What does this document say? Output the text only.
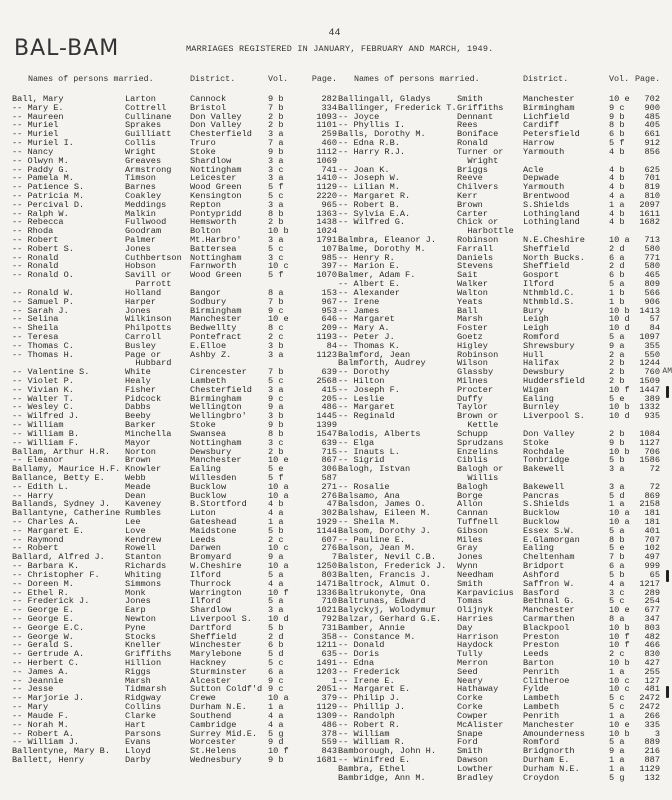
44
BAL-BAM	MARRIAGES REGISTERED IN JANUARY, FEBRUARY AND MARCH, 1949.
Names of persons married.	District.	Vol.	Page.
Ball, Mary	Larton	Cannock	9 b	282
-- Mary E.	Cottrell	Bristol	7 b	334
-- Maureen	Cullinane	Don Valley	2 b	1093
-- Muriel	Sprakes	Don Valley	2 b	1101
-- Muriel	Guilliatt	Chesterfield	3 a	259
-- Muriel I.	Collis	Truro	7 a	460
-- Nancy	Wright	Stoke	9 b	1112
-- Olwyn M.	Greaves	Shardlow	3 a	1069
-- Paddy G.	Armstrong	Nottingham	3 c	741
-- Pamela M.	Timson	Leicester	3 a	1410
-- Patience S.	Barnes	Wood Green	5 f	1129
-- Patricia M.	Coakley	Kensington	5 c	2220
-- Percival D.	Meddings	Repton	3 a	965
-- Ralph W.	Malkin	Pontypridd	8 b	1363
-- Rebecca	Fullwood	Hemsworth	2 b	1438
-- Rhoda	Goodram	Bolton	10 b	1024
-- Robert	Palmer	Mt.Harbro'	3 a	1791
-- Robert S.	Jones	Battersea	5 c	107
-- Ronald	Cuthbertson Nottingham	3 c	985
-- Ronald	Hobson	Farnworth	10 c	397
-- Ronald O.	Savill or	Wood Green	5 f	1070
Parrott
-- Ronald W.	Holland	Bangor	8 a	153
-- Samuel P.	Harper	Sodbury	7 b	967
-- Sarah J.	Jones	Birmingham	9 c	953
-- Selina	Wilkinson	Manchester	10 e	646
-- Sheila	Philpotts	Bedwellty	8 c	209
-- Teresa	Carroll	Pontefract	2 c	1193
-- Thomas C.	Busley	E.Elloe	3 b	84
-- Thomas H.	Page or	Ashby Z.	3 a	1123
Hubbard
-- Valentine S.	White	Cirencester	7 b	639
-- Violet P.	Healy	Lambeth	5 c	2568
-- Vivian K.	Fisher	Chesterfield	3 a	415
-- Walter T.	Pidcock	Birmingham	9 c	205
-- Wesley C.	Dabbs	Wellington	9 a	486
-- Wilfred J.	Beeby	Wellingbro'	3 b	1445
-- William	Barker	Stoke	9 b	1399
-- William B.	Minchella	Swansea	8 b	1547
-- William F.	Mayor	Nottingham	3 c	639
Ballam, Arthur H.R.	Norton	Dewsbury	2 b	715
-- Eleanor	Brown	Manchester	10 e	867
Ballamy, Maurice H.F. Knowler	Ealing	5 e	306
Ballance, Betty E.	Webb	Willesden	5 f	587
-- Edith L.	Meade	Bucklow	10 a	271
-- Harry	Dean	Bucklow	10 a	276
Ballands, Sydney J.	Kaveney	B.Stortford	4 b	47
Ballantyne, Catherine Rumbles	Luton	4 a	302
-- Charles A.	Lee	Gateshead	1 a	1929
-- Margaret E.	Love	Maidstone	5 b	1144
-- Raymond	Kendrew	Leeds	2 c	607
-- Robert	Rowell	Darwen	10 c	276
Ballard, Alfred J.	Stanton	Bromyard	9 a	7
-- Barbara K.	Richards	W.Cheshire	10 a	1250
-- Christopher F.	Whiting	Ilford	5 a	803
-- Doreen M.	Simmons	Thurrock	4 a	1471
-- Ethel R.	Monk	Warrington	10 f	1336
-- Frederick J.	Jones	Ilford	5 a	710
-- George E.	Earp	Shardlow	3 a	1021
-- George E.	Newton	Liverpool S.	10 d	792
-- George E.C.	Pyne	Dartford	5 b	731
-- George W.	Stocks	Sheffield	2 d	358
-- Gerald S.	Kneller	Winchester	6 b	1211
-- Gertrude A.	Griffiths	Marylebone	5 d	635
-- Herbert C.	Hillion	Hackney	5 c	1491
-- James A.	Riggs	Sturminster	6 a	1203
-- Jeannie	Marsh	Alcester	9 c	1
-- Jesse	Tidmarsh	Sutton Coldf'd 9 c	2051
-- Marjorie J.	Ridgway	Crewe	10 a	379
-- Mary	Collins	Durham N.E.	1 a	1129
-- Maude F.	Clarke	Southend	4 a	1309
-- Norah M.	Hart	Cambridge	4 a	486
-- Robert A.	Parsons	Surrey Mid.E.	5 g	378
-- William J.	Evans	Worcester	9 d	559
Ballentyne, Mary B.	Lloyd	St.Helens	10 f	843
Ballett, Henry	Darby	Wednesbury	9 b	1681
Names of persons married.	District.	Vol. Page.
Ballingall, Gladys	Smith	Manchester	10 e	702
Ballinger, Frederick T. Griffiths	Birmingham	9 c	900
-- Joyce	Dennant	Lichfield	9 b	485
-- Phyllis I.	Rees	Cardiff	8 b	405
Balls, Dorothy M.	Boniface	Petersfield	6 b	661
-- Edna R.B.	Ronald	Harrow	5 f	912
-- Harry R.J.	Turner or	Yarmouth	4 b	856
Wright
-- Joan K.	Briggs	Acle	4 b	625
-- Joseph W.	Reeve	Depwade	4 b	701
-- Lilian M.	Chilvers	Yarmouth	4 b	819
-- Margaret R.	Kerr	Brentwood	4 a	810
-- Robert B.	Brown	S.Shields	1 a	2097
-- Sylvia E.A.	Carter	Lothingland	4 b	1611
-- Wilfred G.	Chick or	Lothingland	4 b	1682
Harbottle
Balmbra, Eleanor J.	Robinson	N.E.Cheshire	10 a	713
Balme, Dorothy M.	Farrall	Sheffield	2 d	580
-- Henry R.	Daniels	North Bucks.	6 a	771
-- Marion E.	Stevens	Sheffield	2 d	580
Balmer, Adam F.	Sait	Gosport	6 b	465
-- Albert E.	Walker	Ilford	5 a	809
-- Alexander	Walton	Nthmbld.C.	1 b	566
-- Irene	Yeats	Nthmbld.S.	1 b	906
-- James	Ball	Bury	10 b	1413
-- Margaret	Marsh	Leigh	10 d	57
-- Mary A.	Foster	Leigh	10 d	84
-- Peter J.	Goetz	Romford	5 a	1097
-- Thomas K.	Higley	Shrewsbury	9 a	355
Balmford, Jean	Robinson	Hull	2 a	550
Balmforth, Audrey	Wilson	Halifax	2 b	1244
-- Dorothy	Glassby	Dewsbury	2 b	760 AM
-- Hilton	Milnes	Huddersfield	2 b	1509
-- Joseph F.	Procter	Wigan	10 f	1447
-- Leslie	Duffy	Ealing	5 e	389
-- Margaret	Taylor	Burnley	10 b	1332
-- Reginald	Brown or	Liverpool S.	10 d	935
Kettle
Balodis, Alberts	Schupp	Don Valley	2 b	1084
-- Elga	Sprudzans	Stoke	9 b	1127
-- Inauts L.	Enzelins	Rochdale	10 b	706
-- Sigrid	Ciblis	Tonbridge	5 b	1586
Balogh, Istvan	Balogh or	Bakewell	3 a	72
Willis
-- Rosalie	Balogh	Bakewell	3 a	72
Balsamo, Ana	Borge	Pancras	5 d	869
Balsdon, James O.	Allon	S.Shields	1 a	2158
Balshaw, Eileen M.	Cannan	Bucklow	10 a	181
-- Sheila M.	Tuffnell	Bucklow	10 a	181
Balsom, Dorothy J.	Gibson	Essex S.W.	5 a	401
-- Pauline E.	Miles	E.Glamorgan	8 b	707
Balson, Jean M.	Gray	Ealing	5 e	102
Balster, Nevil C.B.	Jones	Cheltenham	7 b	497
Balston, Frederick J.	Wynn	Bridport	6 a	999
Balten, Francis J.	Needham	Ashford	5 b	65
Baltrock, Almut O.	Smith	Saffron W.	4 a	1217
Baltrukonyte, Ona	Karpavicius	Basford	3 c	289
Baltrunas, Edward	Tomas	Bethnal G.	5 c	254
Balyckyj, Wolodymur	Olijnyk	Manchester	10 e	677
Balzar, Gerhard G.E.	Harries	Carmarthen	8 a	347
Bamber, Annie	Day	Blackpool	10 b	803
-- Constance M.	Harrison	Preston	10 f	482
-- Donald	Haydock	Preston	10 f	466
-- Doris	Tully	Leeds	2 c	830
-- Edna	Merron	Barton	10 b	427
-- Frederick	Seed	Penrith	1 a	255
-- Irene E.	Neary	Clitheroe	10 c	127
-- Margaret E.	Hathaway	Fylde	10 c	481
-- Philip J.	Corke	Lambeth	5 c	2472
-- Phillip J.	Corke	Lambeth	5 c	2472
-- Randolph	Cowper	Penrith	1 a	266
-- Robert R.	McAlister	Manchester	10 e	335
-- William	Snape	Amounderness	10 b	3
-- William R.	Ford	Romford	5 a	889
Bamborough, John H.	Smith	Bridgnorth	9 a	216
-- Winifred E.	Dawson	Durham E.	1 a	887
Bambra, Ethel	Lowther	Durham N.E.	1 a	1129
Bambridge, Ann M.	Bradley	Croydon	5 g	132
